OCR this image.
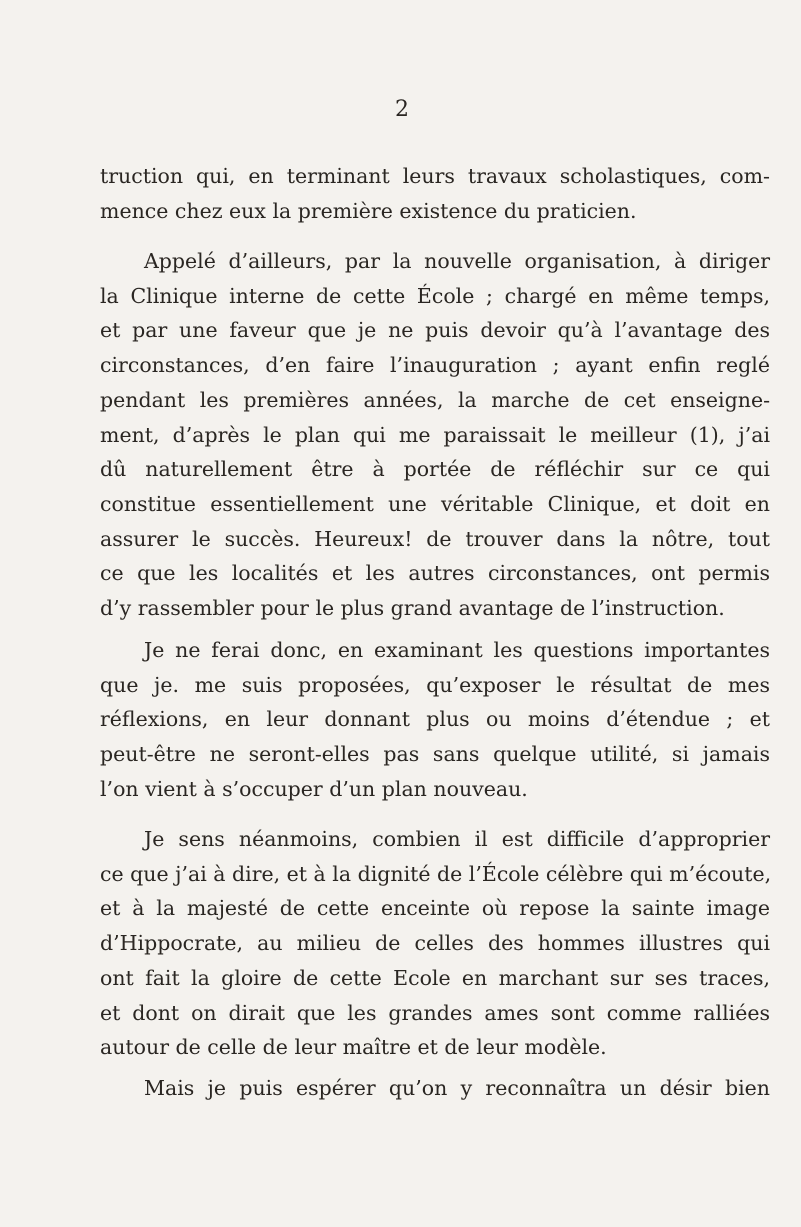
2
truction qui, en terminant leurs travaux scholastiques, com-
mence chez eux la première existence du praticien.
Appelé d’ailleurs, par la nouvelle organisation, à diriger
la Clinique interne de cette École ; chargé en même temps,
et par une faveur que je ne puis devoir qu’à l’avantage des
circonstances, d’en faire l’inauguration ; ayant enfin reglé
pendant les premières années, la marche de cet enseigne-
ment, d’après le plan qui me paraissait le meilleur (1), j’ai
dû naturellement être à portée de réfléchir sur ce qui
constitue essentiellement une véritable Clinique, et doit en
assurer le succès. Heureux! de trouver dans la nôtre, tout
ce que les localités et les autres circonstances, ont permis
d’y rassembler pour le plus grand avantage de l’instruction.
Je ne ferai donc, en examinant les questions importantes
que je. me suis proposées, qu’exposer le résultat de mes
réflexions, en leur donnant plus ou moins d’étendue ; et
peut-être ne seront-elles pas sans quelque utilité, si jamais
l’on vient à s’occuper d’un plan nouveau.
Je sens néanmoins, combien il est difficile d’approprier
ce que j’ai à dire, et à la dignité de l’École célèbre qui m’écoute,
et à la majesté de cette enceinte où repose la sainte image
d’Hippocrate, au milieu de celles des hommes illustres qui
ont fait la gloire de cette Ecole en marchant sur ses traces,
et dont on dirait que les grandes ames sont comme ralliées
autour de celle de leur maître et de leur modèle.
Mais je puis espérer qu’on y reconnaîtra un désir bien
